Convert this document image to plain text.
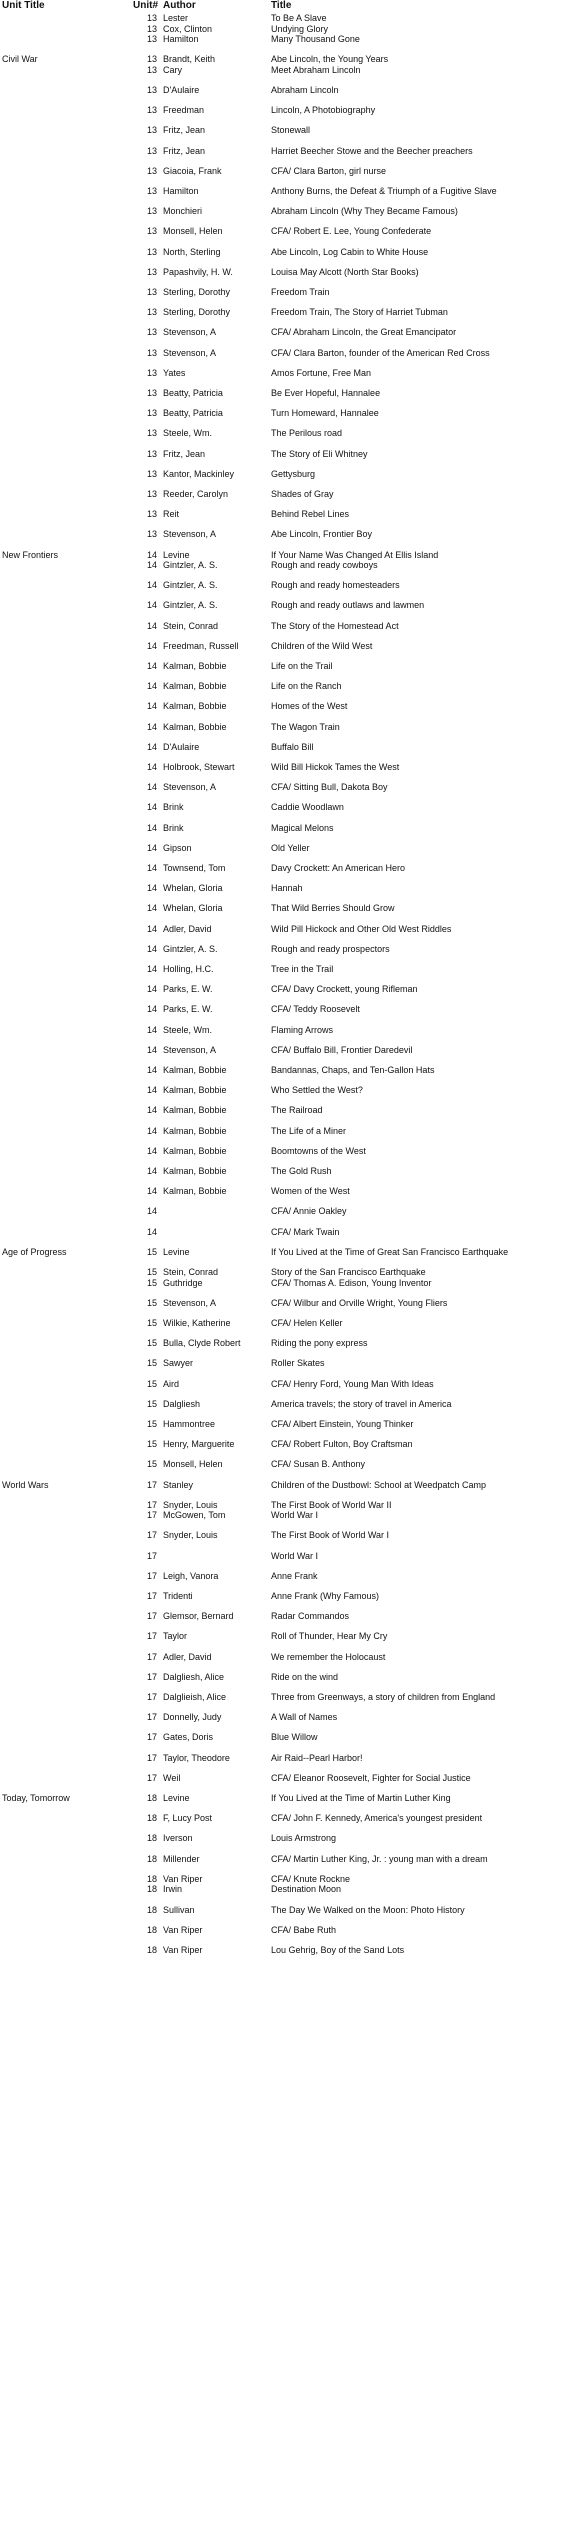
Unit Title	Unit# Author	Title
13 Lester	To Be A Slave
13 Cox, Clinton	Undying Glory
13 Hamilton	Many Thousand Gone
Civil War	13 Brandt, Keith	Abe Lincoln, the Young Years
13 Cary	Meet Abraham Lincoln
13 D'Aulaire	Abraham Lincoln
13 Freedman	Lincoln, A Photobiography
13 Fritz, Jean	Stonewall
13 Fritz, Jean	Harriet Beecher Stowe and the Beecher preachers
13 Giacoia, Frank	CFA/ Clara Barton, girl nurse
13 Hamilton	Anthony Burns, the Defeat & Triumph of a Fugitive Slave
13 Monchieri	Abraham Lincoln (Why They Became Famous)
13 Monsell, Helen	CFA/ Robert E. Lee, Young Confederate
13 North, Sterling	Abe Lincoln, Log Cabin to White House
13 Papashvily, H. W.	Louisa May Alcott (North Star Books)
13 Sterling, Dorothy	Freedom Train
13 Sterling, Dorothy	Freedom Train, The Story of Harriet Tubman
13 Stevenson, A	CFA/ Abraham Lincoln, the Great Emancipator
13 Stevenson, A	CFA/ Clara Barton, founder of the American Red Cross
13 Yates	Amos Fortune, Free Man
13 Beatty, Patricia	Be Ever Hopeful, Hannalee
13 Beatty, Patricia	Turn Homeward, Hannalee
13 Steele, Wm.	The Perilous road
13 Fritz, Jean	The Story of Eli Whitney
13 Kantor, Mackinley	Gettysburg
13 Reeder, Carolyn	Shades of Gray
13 Reit	Behind Rebel Lines
13 Stevenson, A	Abe Lincoln, Frontier Boy
New Frontiers	14 Levine	If Your Name Was Changed At Ellis Island
14 Gintzler, A. S.	Rough and ready cowboys
14 Gintzler, A. S.	Rough and ready homesteaders
14 Gintzler, A. S.	Rough and ready outlaws and lawmen
14 Stein, Conrad	The Story of the Homestead Act
14 Freedman, Russell	Children of the Wild West
14 Kalman, Bobbie	Life on the Trail
14 Kalman, Bobbie	Life on the Ranch
14 Kalman, Bobbie	Homes of the West
14 Kalman, Bobbie	The Wagon Train
14 D'Aulaire	Buffalo Bill
14 Holbrook, Stewart	Wild Bill Hickok Tames the West
14 Stevenson, A	CFA/ Sitting Bull, Dakota Boy
14 Brink	Caddie Woodlawn
14 Brink	Magical Melons
14 Gipson	Old Yeller
14 Townsend, Tom	Davy Crockett: An American Hero
14 Whelan, Gloria	Hannah
14 Whelan, Gloria	That Wild Berries Should Grow
14 Adler, David	Wild Pill Hickock and Other Old West Riddles
14 Gintzler, A. S.	Rough and ready prospectors
14 Holling, H.C.	Tree in the Trail
14 Parks, E. W.	CFA/ Davy Crockett, young Rifleman
14 Parks, E. W.	CFA/ Teddy Roosevelt
14 Steele, Wm.	Flaming Arrows
14 Stevenson, A	CFA/ Buffalo Bill, Frontier Daredevil
14 Kalman, Bobbie	Bandannas, Chaps, and Ten-Gallon Hats
14 Kalman, Bobbie	Who Settled the West?
14 Kalman, Bobbie	The Railroad
14 Kalman, Bobbie	The Life of a Miner
14 Kalman, Bobbie	Boomtowns of the West
14 Kalman, Bobbie	The Gold Rush
14 Kalman, Bobbie	Women of the West
14	CFA/ Annie Oakley
14	CFA/ Mark Twain
Age of Progress	15 Levine	If You Lived at the Time of Great San Francisco Earthquake
15 Stein, Conrad	Story of the San Francisco Earthquake
15 Guthridge	CFA/ Thomas A. Edison, Young Inventor
15 Stevenson, A	CFA/ Wilbur and Orville Wright, Young Fliers
15 Wilkie, Katherine	CFA/ Helen Keller
15 Bulla, Clyde Robert	Riding the pony express
15 Sawyer	Roller Skates
15 Aird	CFA/ Henry Ford, Young Man With Ideas
15 Dalgliesh	America travels; the story of travel in America
15 Hammontree	CFA/ Albert Einstein, Young Thinker
15 Henry, Marguerite	CFA/ Robert Fulton, Boy Craftsman
15 Monsell, Helen	CFA/ Susan B. Anthony
World Wars	17 Stanley	Children of the Dustbowl: School at Weedpatch Camp
17 Snyder, Louis	The First Book of World War II
17 McGowen, Tom	World War I
17 Snyder, Louis	The First Book of World War I
17	World War I
17 Leigh, Vanora	Anne Frank
17 Tridenti	Anne Frank (Why Famous)
17 Glemsor, Bernard	Radar Commandos
17 Taylor	Roll of Thunder, Hear My Cry
17 Adler, David	We remember the Holocaust
17 Dalgliesh, Alice	Ride on the wind
17 Dalglieish, Alice	Three from Greenways, a story of children from England
17 Donnelly, Judy	A Wall of Names
17 Gates, Doris	Blue Willow
17 Taylor, Theodore	Air Raid--Pearl Harbor!
17 Weil	CFA/ Eleanor Roosevelt, Fighter for Social Justice
Today, Tomorrow	18 Levine	If You Lived at the Time of Martin Luther King
18 F, Lucy Post	CFA/ John F. Kennedy, America's youngest president
18 Iverson	Louis Armstrong
18 Millender	CFA/ Martin Luther King, Jr. : young man with a dream
18 Van Riper	CFA/ Knute Rockne
18 Irwin	Destination Moon
18 Sullivan	The Day We Walked on the Moon: Photo History
18 Van Riper	CFA/ Babe Ruth
18 Van Riper	Lou Gehrig, Boy of the Sand Lots
